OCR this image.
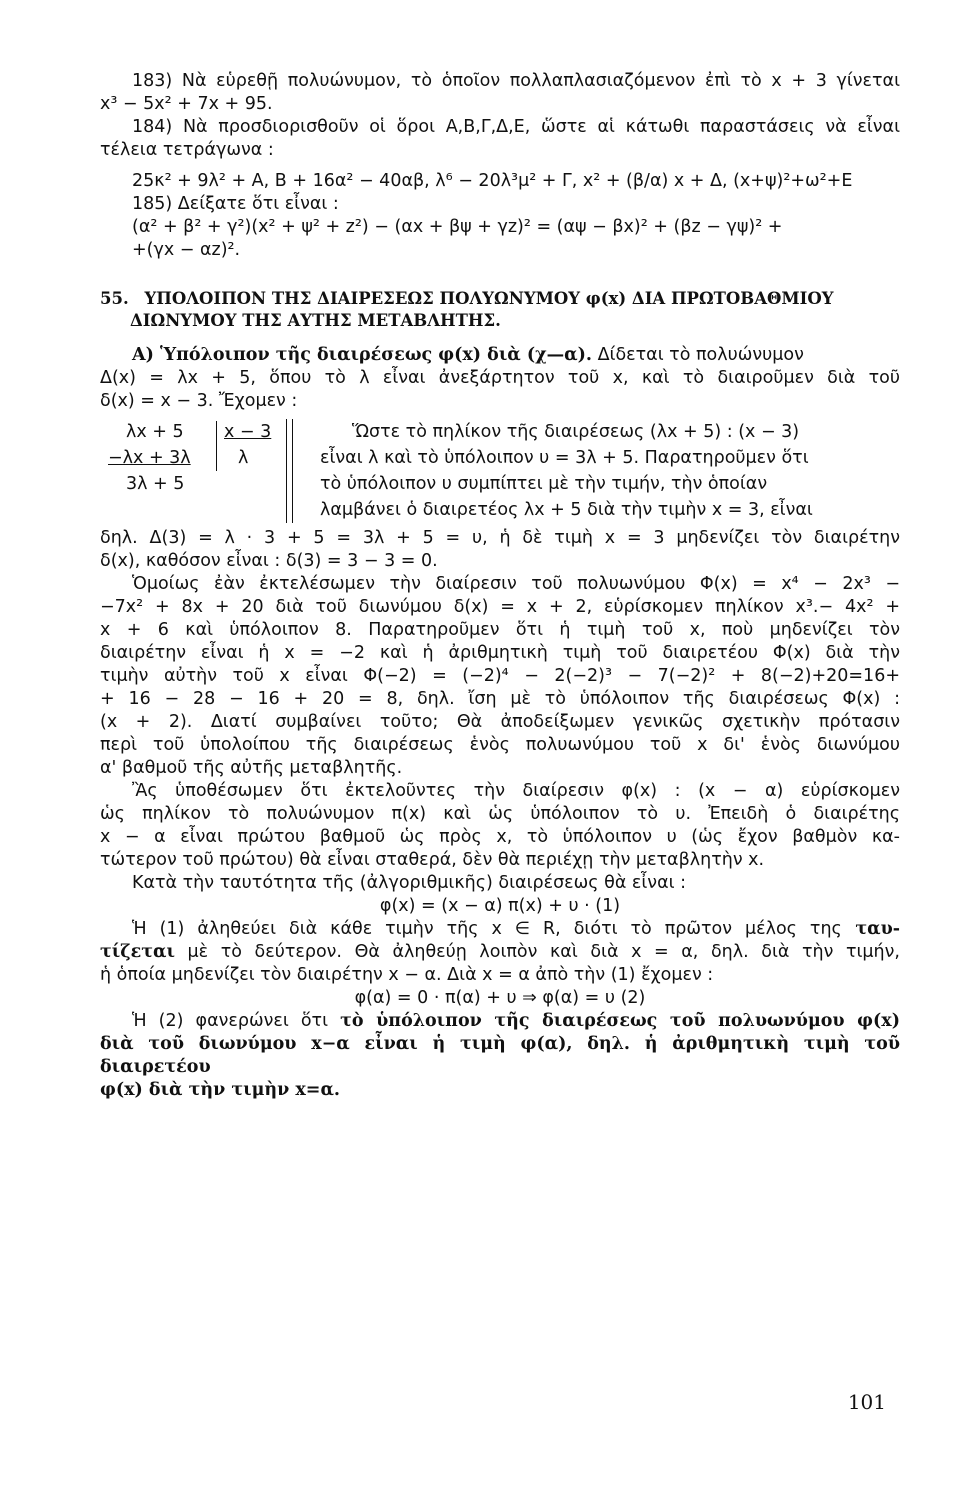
183) Νὰ εὑρεθῇ πολυώνυμον, τὸ ὁποῖον πολλαπλασιαζόμενον ἐπὶ τὸ x + 3 γίνεται

x³ − 5x² + 7x + 95.

184) Νὰ προσδιορισθοῦν οἱ ὅροι Α,Β,Γ,Δ,Ε, ὥστε αἱ κάτωθι παραστάσεις νὰ εἶναι

τέλεια τετράγωνα :

25κ² + 9λ² + Α, Β + 16α² − 40αβ, λ⁶ − 20λ³μ² + Γ, x² + (β/α) x + Δ, (x+ψ)²+ω²+Ε

185) Δείξατε ὅτι εἶναι :

(α² + β² + γ²)(x² + ψ² + z²) − (αx + βψ + γz)² = (αψ − βx)² + (βz − γψ)² +

+(γx − αz)².

55. ΥΠΟΛΟΙΠΟΝ ΤΗΣ ΔΙΑΙΡΕΣΕΩΣ ΠΟΛΥΩΝΥΜΟΥ φ(x) ΔΙΑ ΠΡΩΤΟΒΑΘΜΙΟΥ
ΔΙΩΝΥΜΟΥ ΤΗΣ ΑΥΤΗΣ ΜΕΤΑΒΛΗΤΗΣ.

Α) Ὑπόλοιπον τῆς διαιρέσεως φ(x) διὰ (χ—α). Δίδεται τὸ πολυώνυμον

Δ(x) = λx + 5, ὅπου τὸ λ εἶναι ἀνεξάρτητον τοῦ x, καὶ τὸ διαιροῦμεν διὰ τοῦ

δ(x) = x − 3. Ἔχομεν :

λx + 5
−λx + 3λ
3λ + 5
x − 3
λ

Ὥστε τὸ πηλίκον τῆς διαιρέσεως (λx + 5) : (x − 3)

εἶναι λ καὶ τὸ ὑπόλοιπον υ = 3λ + 5. Παρατηροῦμεν ὅτι

τὸ ὑπόλοιπον υ συμπίπτει μὲ τὴν τιμήν, τὴν ὁποίαν

λαμβάνει ὁ διαιρετέος λx + 5 διὰ τὴν τιμὴν x = 3, εἶναι

δηλ. Δ(3) = λ · 3 + 5 = 3λ + 5 = υ, ἡ δὲ τιμὴ x = 3 μηδενίζει τὸν διαιρέτην

δ(x), καθόσον εἶναι : δ(3) = 3 − 3 = 0.

Ὁμοίως ἐὰν ἐκτελέσωμεν τὴν διαίρεσιν τοῦ πολυωνύμου Φ(x) = x⁴ − 2x³ −

−7x² + 8x + 20 διὰ τοῦ διωνύμου δ(x) = x + 2, εὑρίσκομεν πηλίκον x³.− 4x² +

x + 6 καὶ ὑπόλοιπον 8. Παρατηροῦμεν ὅτι ἡ τιμὴ τοῦ x, ποὺ μηδενίζει τὸν

διαιρέτην εἶναι ἡ x = −2 καὶ ἡ ἀριθμητικὴ τιμὴ τοῦ διαιρετέου Φ(x) διὰ τὴν

τιμὴν αὐτὴν τοῦ x εἶναι Φ(−2) = (−2)⁴ − 2(−2)³ − 7(−2)² + 8(−2)+20=16+

+ 16 − 28 − 16 + 20 = 8, δηλ. ἴση μὲ τὸ ὑπόλοιπον τῆς διαιρέσεως Φ(x) :

(x + 2). Διατί συμβαίνει τοῦτο; Θὰ ἀποδείξωμεν γενικῶς σχετικὴν πρότασιν

περὶ τοῦ ὑπολοίπου τῆς διαιρέσεως ἑνὸς πολυωνύμου τοῦ x δι' ἑνὸς διωνύμου

α' βαθμοῦ τῆς αὐτῆς μεταβλητῆς.

Ἂς ὑποθέσωμεν ὅτι ἐκτελοῦντες τὴν διαίρεσιν φ(x) : (x − α) εὑρίσκομεν

ὡς πηλίκον τὸ πολυώνυμον π(x) καὶ ὡς ὑπόλοιπον τὸ υ. Ἐπειδὴ ὁ διαιρέτης

x − α εἶναι πρώτου βαθμοῦ ὡς πρὸς x, τὸ ὑπόλοιπον υ (ὡς ἔχον βαθμὸν κα-

τώτερον τοῦ πρώτου) θὰ εἶναι σταθερά, δὲν θὰ περιέχῃ τὴν μεταβλητὴν x.

Κατὰ τὴν ταυτότητα τῆς (ἀλγοριθμικῆς) διαιρέσεως θὰ εἶναι :

φ(x) = (x − α) π(x) + υ · (1)

Ἡ (1) ἀληθεύει διὰ κάθε τιμὴν τῆς x ∈ R, διότι τὸ πρῶτον μέλος της ταυ-

τίζεται μὲ τὸ δεύτερον. Θὰ ἀληθεύῃ λοιπὸν καὶ διὰ x = α, δηλ. διὰ τὴν τιμήν,

ἡ ὁποία μηδενίζει τὸν διαιρέτην x − α. Διὰ x = α ἀπὸ τὴν (1) ἔχομεν :

φ(α) = 0 · π(α) + υ ⇒ φ(α) = υ (2)

Ἡ (2) φανερώνει ὅτι τὸ ὑπόλοιπον τῆς διαιρέσεως τοῦ πολυωνύμου φ(x)

διὰ τοῦ διωνύμου x−α εἶναι ἡ τιμὴ φ(α), δηλ. ἡ ἀριθμητικὴ τιμὴ τοῦ διαιρετέου

φ(x) διὰ τὴν τιμὴν x=α.

101
